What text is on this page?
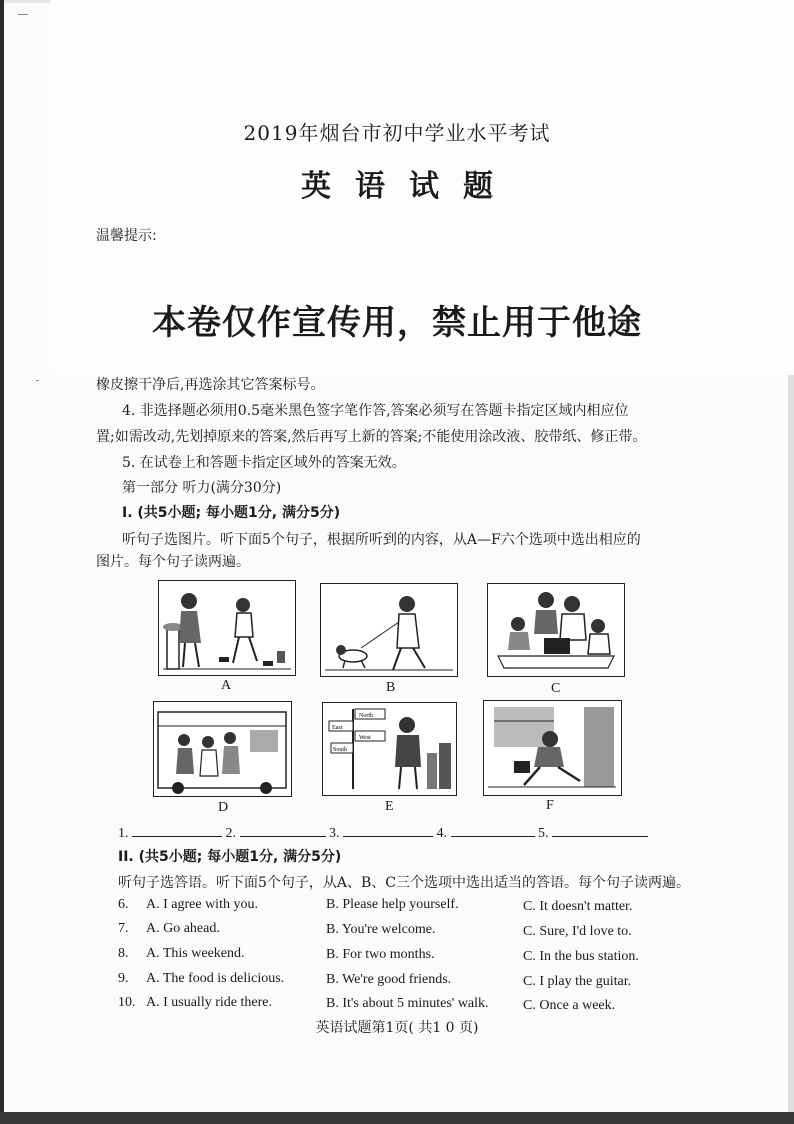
2019年烟台市初中学业水平考试
英语试题
温馨提示:
本卷仅作宣传用，禁止用于他途
橡皮擦干净后,再选涂其它答案标号。
4. 非选择题必须用0.5毫米黑色签字笔作答,答案必须写在答题卡指定区域内相应位
置;如需改动,先划掉原来的答案,然后再写上新的答案;不能使用涂改液、胶带纸、修正带。
5. 在试卷上和答题卡指定区域外的答案无效。
第一部分 听力(满分30分)
I. (共5小题; 每小题1分, 满分5分)
听句子选图片。听下面5个句子，根据所听到的内容，从A—F六个选项中选出相应的
图片。每个句子读两遍。
A	B	C
D
North
East
West
South
E	F
1.	2.	3.	4.	5.
II. (共5小题; 每小题1分, 满分5分)
听句子选答语。听下面5个句子，从A、B、C三个选项中选出适当的答语。每个句子读两遍。
6. A. I agree with you.	B. Please help yourself.	C. It doesn't matter.
7. A. Go ahead.	B. You're welcome.	C. Sure, I'd love to.
8. A. This weekend.	B. For two months.	C. In the bus station.
9. A. The food is delicious.	B. We're good friends.	C. I play the guitar.
10. A. I usually ride there.	B. It's about 5 minutes' walk. C. Once a week.
英语试题第1页( 共1 0 页)
